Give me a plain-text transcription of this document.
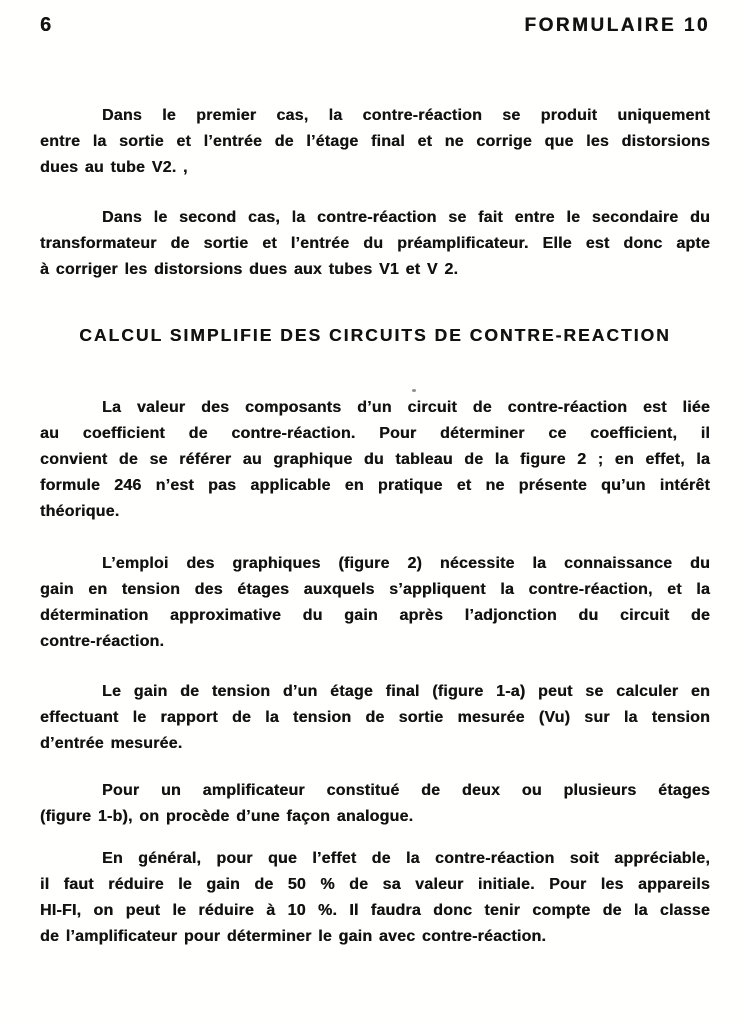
6	FORMULAIRE 10

Dans le premier cas, la contre-réaction se produit uniquement
entre la sortie et l’entrée de l’étage final et ne corrige que les distorsions
dues au tube V2. ,

Dans le second cas, la contre-réaction se fait entre le secondaire du
transformateur de sortie et l’entrée du préamplificateur. Elle est donc apte
à corriger les distorsions dues aux tubes V1 et V 2.

CALCUL SIMPLIFIE DES CIRCUITS DE CONTRE-REACTION

La valeur des composants d’un circuit de contre-réaction est liée
au coefficient de contre-réaction. Pour déterminer ce coefficient, il
convient de se référer au graphique du tableau de la figure 2 ; en effet, la
formule 246 n’est pas applicable en pratique et ne présente qu’un intérêt
théorique.

L’emploi des graphiques (figure 2) nécessite la connaissance du
gain en tension des étages auxquels s’appliquent la contre-réaction, et la
détermination approximative du gain après l’adjonction du circuit de
contre-réaction.

Le gain de tension d’un étage final (figure 1-a) peut se calculer en
effectuant le rapport de la tension de sortie mesurée (Vu) sur la tension
d’entrée mesurée.

Pour un amplificateur constitué de deux ou plusieurs étages
(figure 1-b), on procède d’une façon analogue.

En général, pour que l’effet de la contre-réaction soit appréciable,
il faut réduire le gain de 50 % de sa valeur initiale. Pour les appareils
HI-FI, on peut le réduire à 10 %. Il faudra donc tenir compte de la classe
de l’amplificateur pour déterminer le gain avec contre-réaction.
